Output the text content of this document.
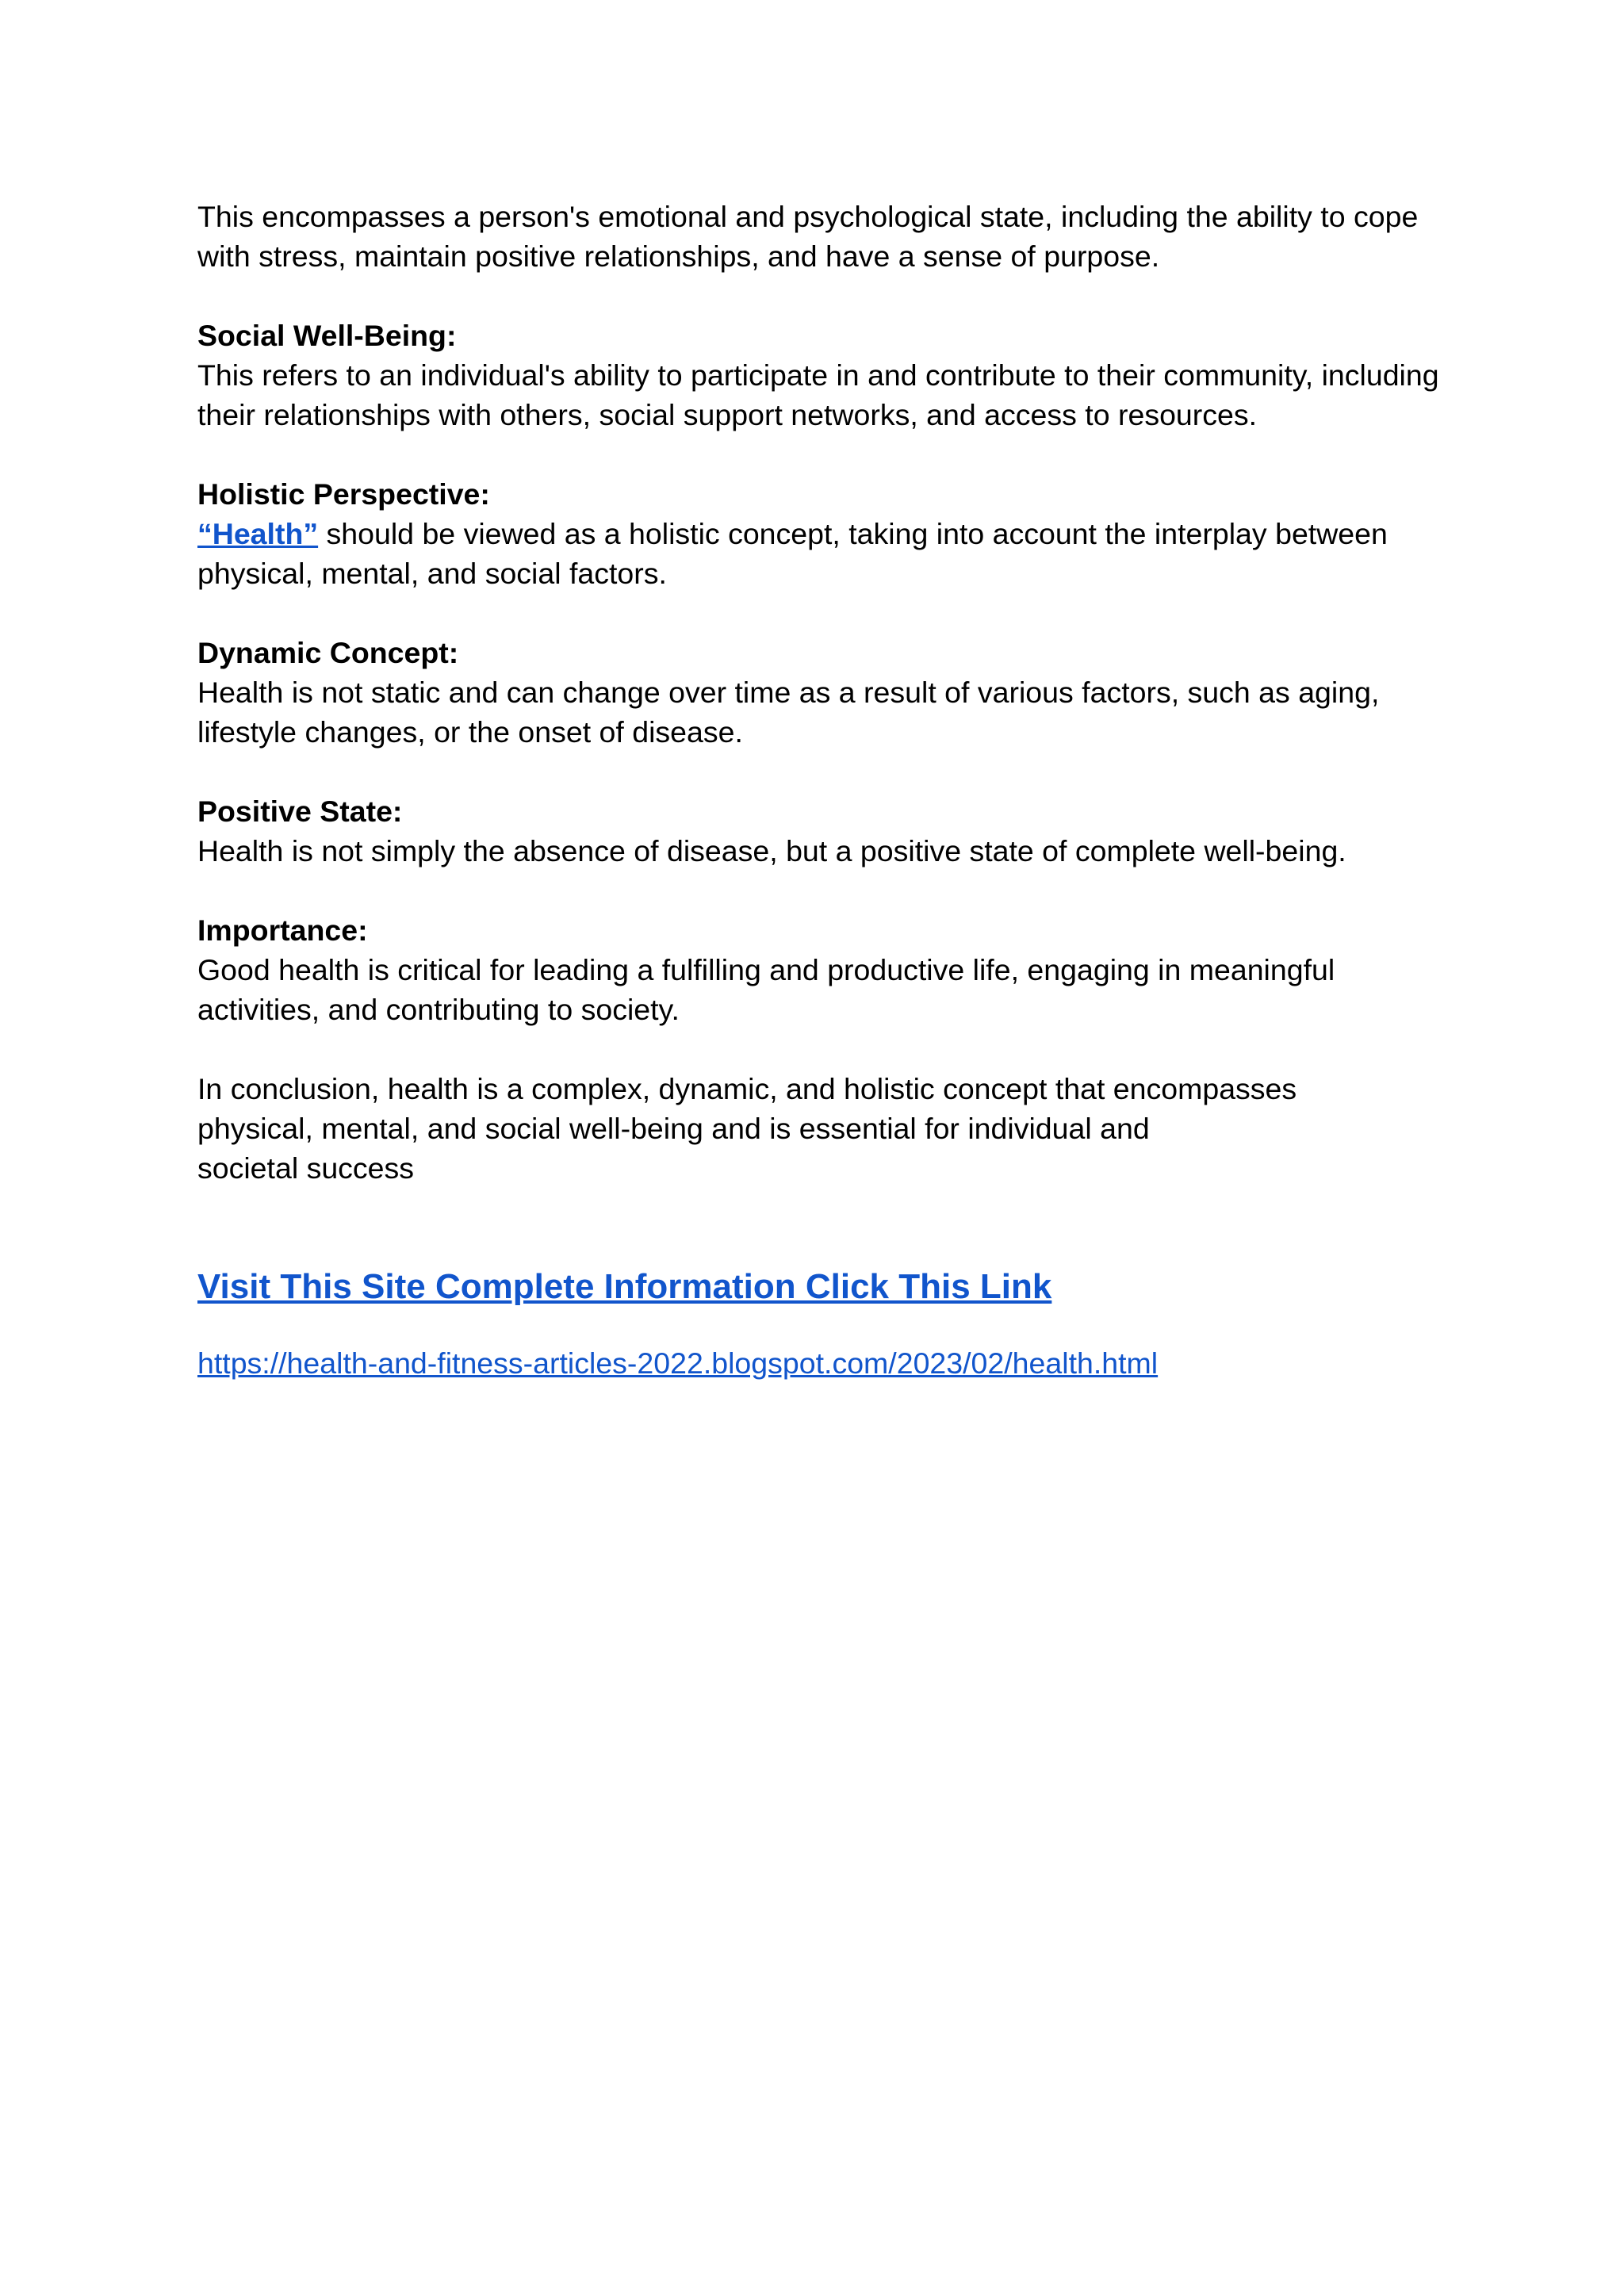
This encompasses a person's emotional and psychological state, including the ability to cope with stress, maintain positive relationships, and have a sense of purpose.

Social Well-Being:
This refers to an individual's ability to participate in and contribute to their community, including their relationships with others, social support networks, and access to resources.
Holistic Perspective:
“Health” should be viewed as a holistic concept, taking into account the interplay between physical, mental, and social factors.
Dynamic Concept:
Health is not static and can change over time as a result of various factors, such as aging, lifestyle changes, or the onset of disease.
Positive State:
Health is not simply the absence of disease, but a positive state of complete well-being.
Importance:
Good health is critical for leading a fulfilling and productive life, engaging in meaningful activities, and contributing to society.
In conclusion, health is a complex, dynamic, and holistic concept that encompasses
physical, mental, and social well-being and is essential for individual and
societal success
Visit This Site Complete Information Click This Link
https://health-and-fitness-articles-2022.blogspot.com/2023/02/health.html
